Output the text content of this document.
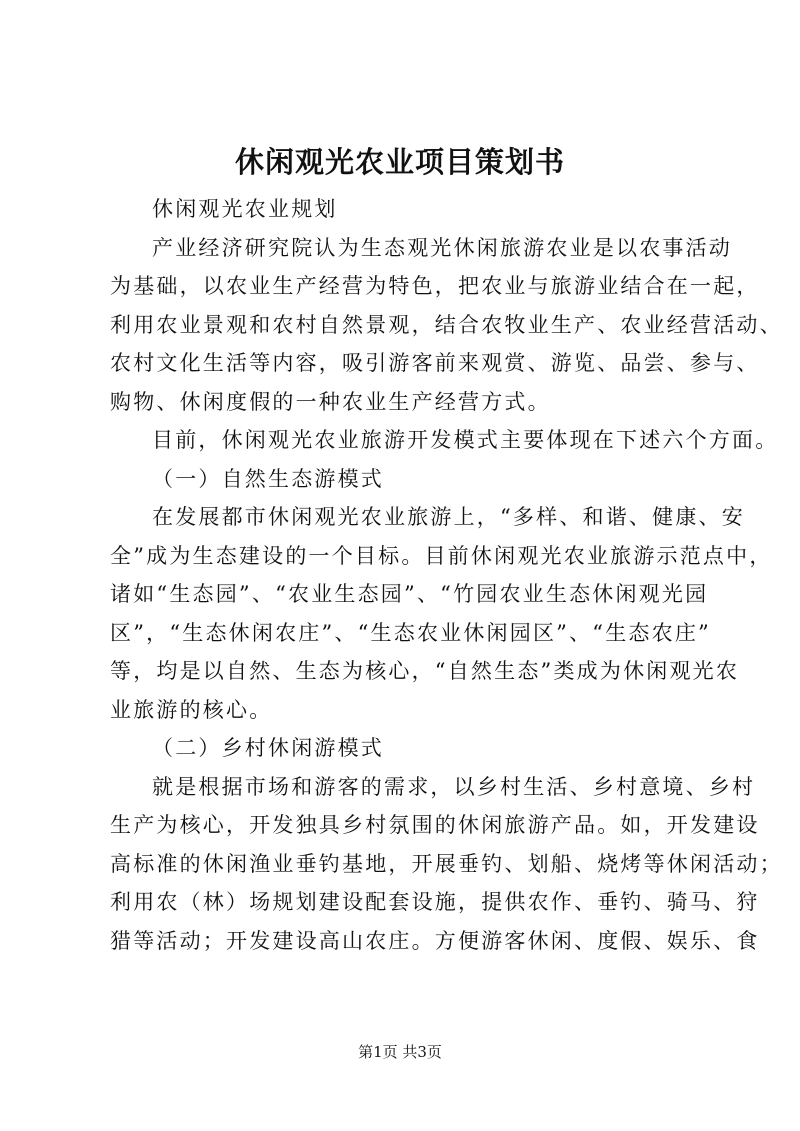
休闲观光农业项目策划书
休闲观光农业规划
产业经济研究院认为生态观光休闲旅游农业是以农事活动
为基础，以农业生产经营为特色，把农业与旅游业结合在一起，
利用农业景观和农村自然景观，结合农牧业生产、农业经营活动、
农村文化生活等内容，吸引游客前来观赏、游览、品尝、参与、
购物、休闲度假的一种农业生产经营方式。
目前，休闲观光农业旅游开发模式主要体现在下述六个方面。
（一）自然生态游模式
在发展都市休闲观光农业旅游上，“多样、和谐、健康、安
全”成为生态建设的一个目标。目前休闲观光农业旅游示范点中，
诸如“生态园”、“农业生态园”、“竹园农业生态休闲观光园
区”，“生态休闲农庄”、“生态农业休闲园区”、“生态农庄”
等，均是以自然、生态为核心，“自然生态”类成为休闲观光农
业旅游的核心。
（二）乡村休闲游模式
就是根据市场和游客的需求，以乡村生活、乡村意境、乡村
生产为核心，开发独具乡村氛围的休闲旅游产品。如，开发建设
高标准的休闲渔业垂钓基地，开展垂钓、划船、烧烤等休闲活动；
利用农（林）场规划建设配套设施，提供农作、垂钓、骑马、狩
猎等活动；开发建设高山农庄。方便游客休闲、度假、娱乐、食
第1页 共3页
